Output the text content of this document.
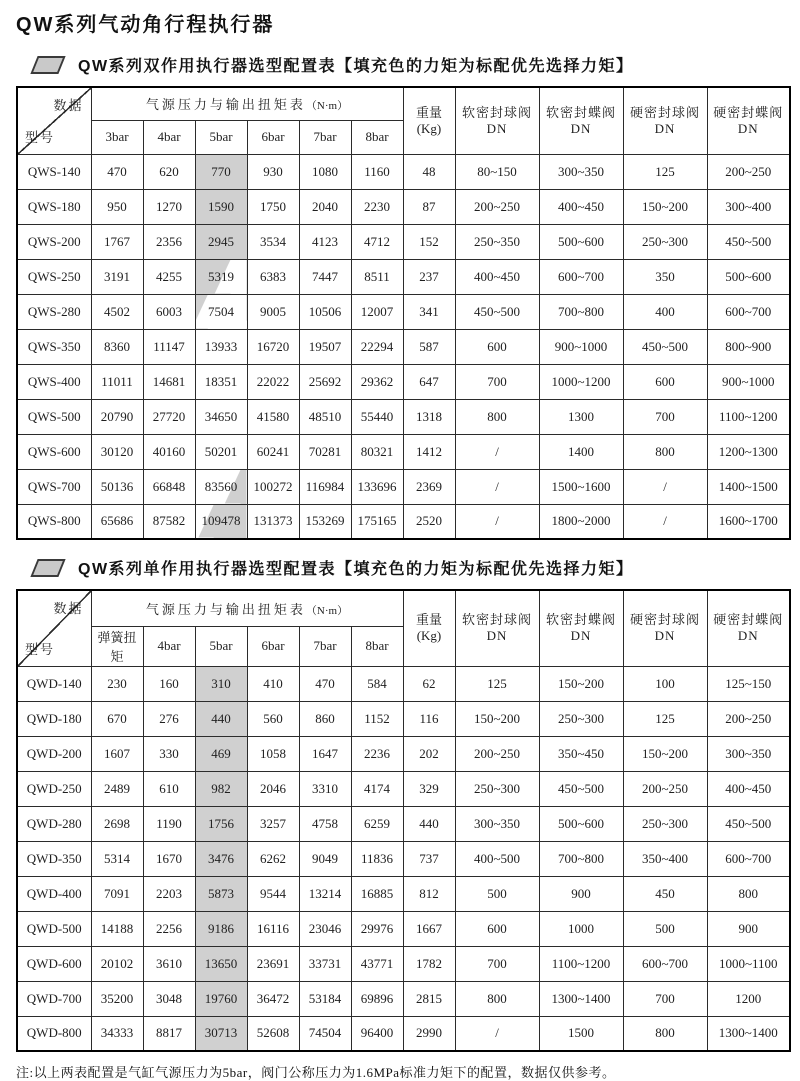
QW系列气动角行程执行器
QW系列双作用执行器选型配置表【填充色的力矩为标配优先选择力矩】
数据
型号
	气源压力与输出扭矩表（N·m）	重量
(Kg)

软密封球阀
DN

软密封蝶阀
DN

硬密封球阀
DN

硬密封蝶阀
DN

	3bar	4bar	5bar	6bar	7bar	8bar					
QWS-140	470	620	770	930	1080	1160	48	80~150	300~350	125	200~250
QWS-180	950	1270	1590	1750	2040	2230	87	200~250	400~450	150~200	300~400
QWS-200	1767	2356	2945	3534	4123	4712	152	250~350	500~600	250~300	450~500
QWS-250	3191	4255	5319	6383	7447	8511	237	400~450	600~700	350	500~600
QWS-280	4502	6003	7504	9005	10506	12007	341	450~500	700~800	400	600~700
QWS-350	8360	11147	13933	16720	19507	22294	587	600	900~1000	450~500	800~900
QWS-400	11011	14681	18351	22022	25692	29362	647	700	1000~1200	600	900~1000
QWS-500	20790	27720	34650	41580	48510	55440	1318	800	1300	700	1100~1200
QWS-600	30120	40160	50201	60241	70281	80321	1412	/	1400	800	1200~1300
QWS-700	50136	66848	83560	100272	116984	133696	2369	/	1500~1600	/	1400~1500
QWS-800	65686	87582	109478	131373	153269	175165	2520	/	1800~2000	/	1600~1700
QW系列单作用执行器选型配置表【填充色的力矩为标配优先选择力矩】
数据
型号
	气源压力与输出扭矩表（N·m）	
重量
(Kg)

软密封球阀
DN

软密封蝶阀
DN

硬密封球阀
DN

硬密封蝶阀
DN

	弹簧扭矩	4bar	5bar	6bar	7bar	8bar					
QWD-140	230	160	310	410	470	584	62	125	150~200	100	125~150
QWD-180	670	276	440	560	860	1152	116	150~200	250~300	125	200~250
QWD-200	1607	330	469	1058	1647	2236	202	200~250	350~450	150~200	300~350
QWD-250	2489	610	982	2046	3310	4174	329	250~300	450~500	200~250	400~450
QWD-280	2698	1190	1756	3257	4758	6259	440	300~350	500~600	250~300	450~500
QWD-350	5314	1670	3476	6262	9049	11836	737	400~500	700~800	350~400	600~700
QWD-400	7091	2203	5873	9544	13214	16885	812	500	900	450	800
QWD-500	14188	2256	9186	16116	23046	29976	1667	600	1000	500	900
QWD-600	20102	3610	13650	23691	33731	43771	1782	700	1100~1200	600~700	1000~1100
QWD-700	35200	3048	19760	36472	53184	69896	2815	800	1300~1400	700	1200
QWD-800	34333	8817	30713	52608	74504	96400	2990	/	1500	800	1300~1400

注:以上两表配置是气缸气源压力为5bar，阀门公称压力为1.6MPa标准力矩下的配置，数据仅供参考。
